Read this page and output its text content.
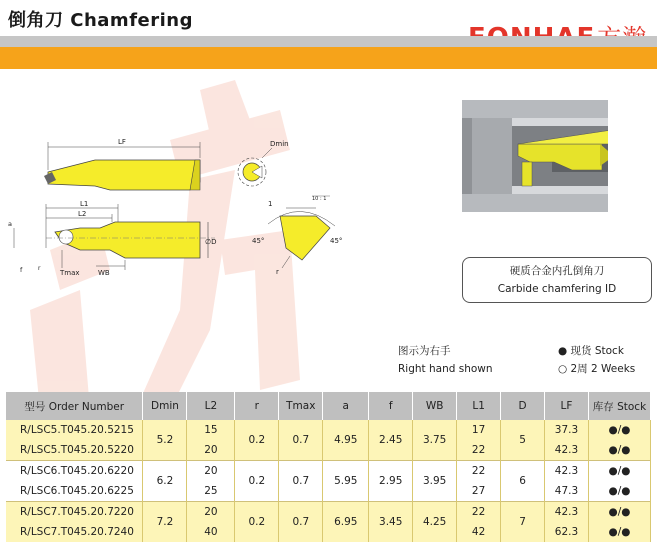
倒角刀 Chamfering
LF
L1
L2
∅D
WB
Tmax
a
f	r
Dmin
10 : 1
1
45°	45°
r	硬质合金内孔倒角刀
Carbide chamfering ID
图示为右手
Right hand shown
● 现货 Stock
○ 2周 2 Weeks
型号 Order Number	Dmin	L2	r	Tmax	a	f	WB	L1	D	LF	库存 Stock
R/LSC5.T045.20.5215	5.2	15	0.2	0.7	4.95	2.45	3.75	17	5	37.3	●/●
R/LSC5.T045.20.5220		20						22		42.3	●/●
R/LSC6.T045.20.6220	6.2	20	0.2	0.7	5.95	2.95	3.95	22	6	42.3	●/●
R/LSC6.T045.20.6225		25						27		47.3	●/●
R/LSC7.T045.20.7220	7.2	20	0.2	0.7	6.95	3.45	4.25	22	7	42.3	●/●
R/LSC7.T045.20.7240		40						42		62.3	●/●
